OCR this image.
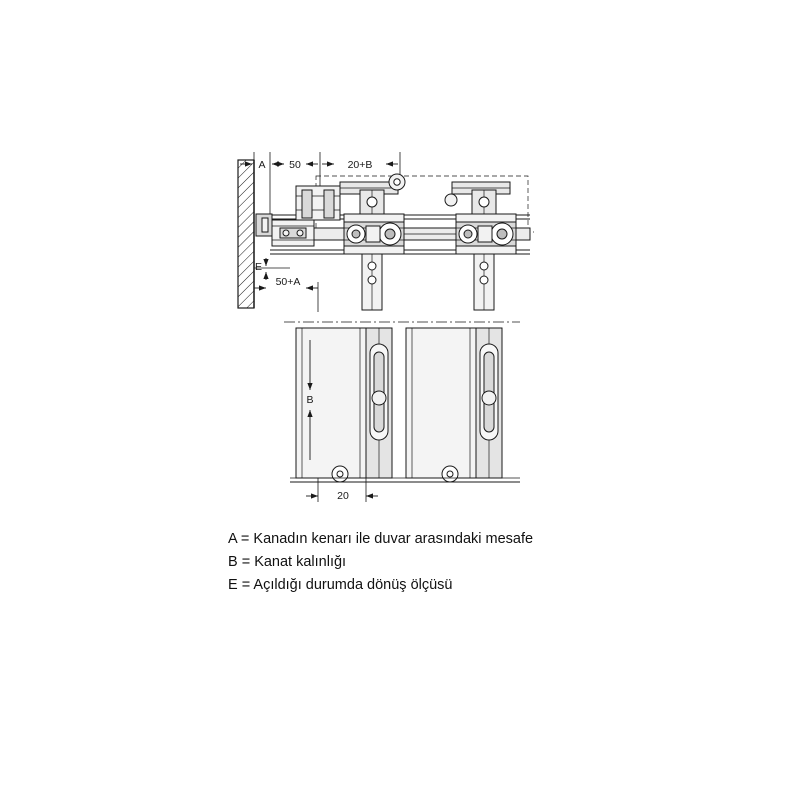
A 50	20+B
E
50+A
B
20
A = Kanadın kenarı ile duvar arasındaki mesafe
B = Kanat kalınlığı
E = Açıldığı durumda dönüş ölçüsü
